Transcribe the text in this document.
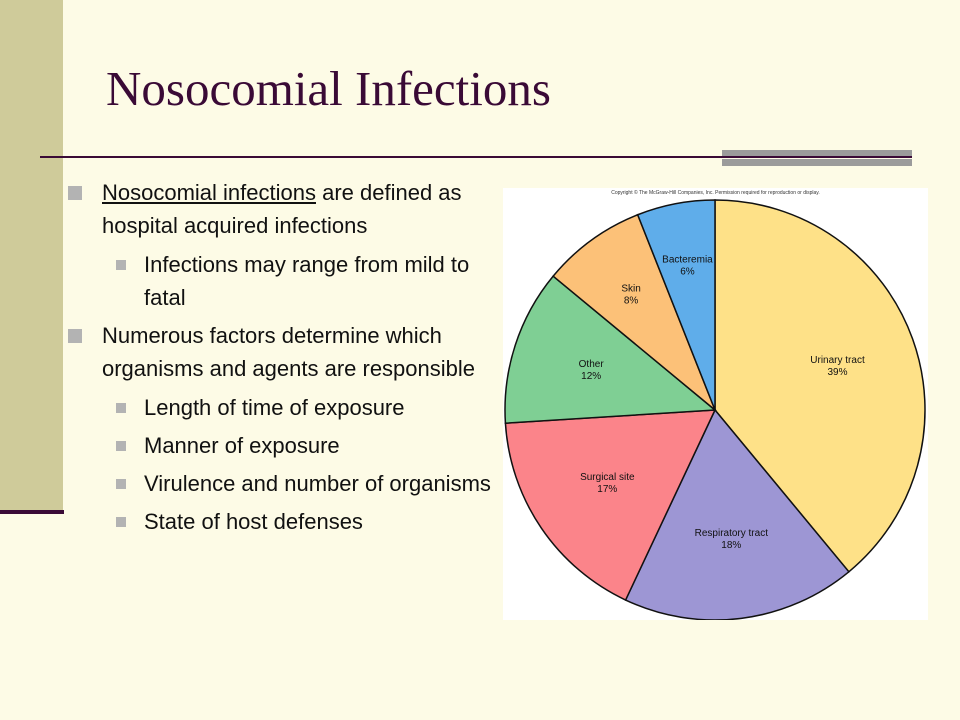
Nosocomial Infections
Nosocomial infections are defined as hospital acquired infections
Infections may range from mild to fatal
Numerous factors determine which organisms and agents are responsible
Length of time of exposure
Manner of exposure
Virulence and number of organisms
State of host defenses
Copyright © The McGraw-Hill Companies, Inc. Permission required for reproduction or display.
Urinary tract
39%
Respiratory tract
18%
Surgical site
17%
Other
12%
Skin
8%
Bacteremia
6%
